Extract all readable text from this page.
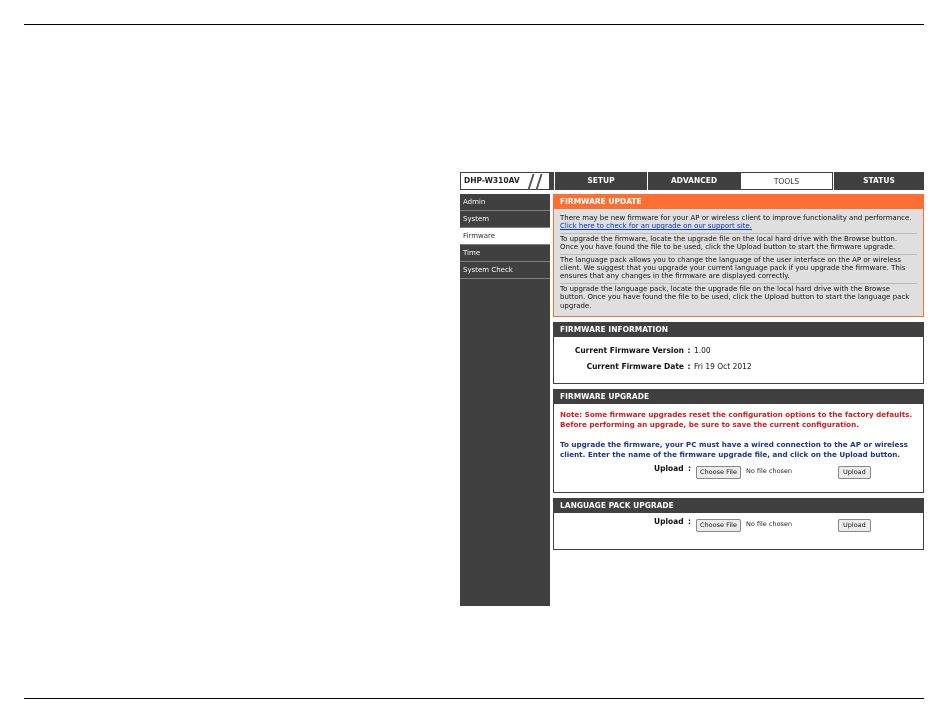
DHP-W310AV	SETUP	ADVANCED	TOOLS	STATUS
Admin
System
Firmware
Time
System Check
FIRMWARE UPDATE

There may be new firmware for your AP or wireless client to improve functionality and performance.
Click here to check for an upgrade on our support site.

To upgrade the firmware, locate the upgrade file on the local hard drive with the Browse button. Once you have found the file to be used, click the Upload button to start the firmware upgrade.

The language pack allows you to change the language of the user interface on the AP or wireless client. We suggest that you upgrade your current language pack if you upgrade the firmware. This ensures that any changes in the firmware are displayed correctly.

To upgrade the language pack, locate the upgrade file on the local hard drive with the Browse button. Once you have found the file to be used, click the Upload button to start the language pack upgrade.

FIRMWARE INFORMATION
Current Firmware Version : 1.00
Current Firmware Date : Fri 19 Oct 2012
FIRMWARE UPGRADE

Note: Some firmware upgrades reset the configuration options to the factory defaults. Before performing an upgrade, be sure to save the current configuration.

To upgrade the firmware, your PC must have a wired connection to the AP or wireless client. Enter the name of the firmware upgrade file, and click on the Upload button.

Upload :	Choose File	No file chosen	Upload
LANGUAGE PACK UPGRADE
Upload :	Choose File	No file chosen	Upload
